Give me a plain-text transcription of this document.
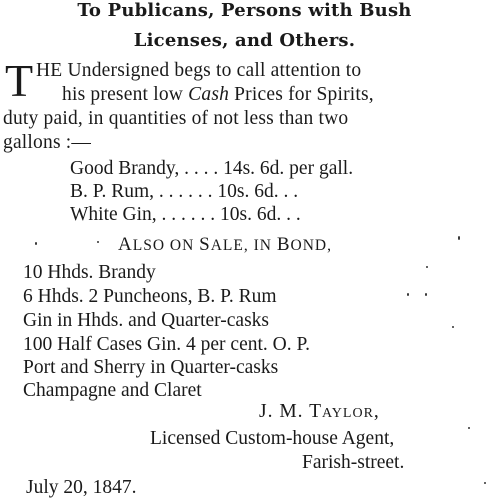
To Publicans, Persons with Bush
Licenses, and Others.
T HE Undersigned begs to call attention to
his present low Cash Prices for Spirits,
duty paid, in quantities of not less than two
gallons :—
Good Brandy, . . . . 14s. 6d. per gall.
B. P. Rum, . . . . . . 10s. 6d. . .
White Gin, . . . . . . 10s. 6d. . .
ALSO ON SALE, IN BOND,
10 Hhds. Brandy
6 Hhds. 2 Puncheons, B. P. Rum
Gin in Hhds. and Quarter-casks
100 Half Cases Gin. 4 per cent. O. P.
Port and Sherry in Quarter-casks
Champagne and Claret
J. M. Taylor,
Licensed Custom-house Agent,
Farish-street.
July 20, 1847.
